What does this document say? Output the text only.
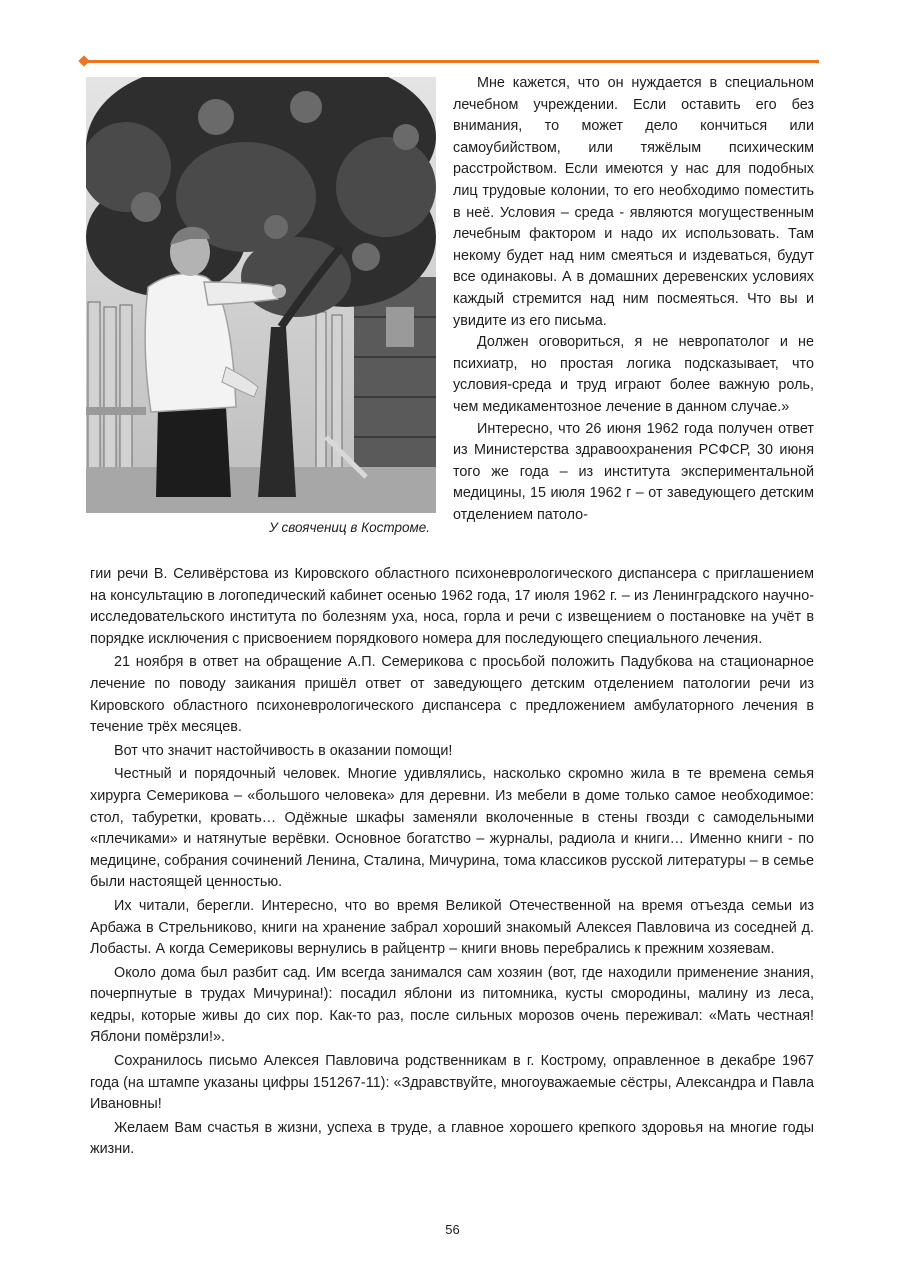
У своячениц в Костроме.

Мне кажется, что он нуждается в специальном лечебном учреждении. Если оставить его без внимания, то может дело кончиться или самоубийством, или тяжёлым психическим расстройством. Если имеются у нас для подобных лиц трудовые колонии, то его необходимо поместить в неё. Условия – среда - являются могущественным лечебным фактором и надо их использовать. Там некому будет над ним смеяться и издеваться, будут все одинаковы. А в домашних деревенских условиях каждый стремится над ним посмеяться. Что вы и увидите из его письма.

Должен оговориться, я не невропатолог и не психиатр, но простая логика подсказывает, что условия-среда и труд играют более важную роль, чем медикаментозное лечение в данном случае.»

Интересно, что 26 июня 1962 года получен ответ из Министерства здравоохранения РСФСР, 30 июня того же года – из института экспериментальной медицины, 15 июля 1962 г – от заведующего детским отделением патоло-

гии речи В. Селивёрстова из Кировского областного психоневрологического диспансера с приглашением на консультацию в логопедический кабинет осенью 1962 года, 17 июля 1962 г. – из Ленинградского научно-исследовательского института по болезням уха, носа, горла и речи с извещением о постановке на учёт в порядке исключения с присвоением порядкового номера для последующего специального лечения.

21 ноября в ответ на обращение А.П. Семерикова с просьбой положить Падубкова на стационарное лечение по поводу заикания пришёл ответ от заведующего детским отделением патологии речи из Кировского областного психоневрологического диспансера с предложением амбулаторного лечения в течение трёх месяцев.

Вот что значит настойчивость в оказании помощи!

Честный и порядочный человек. Многие удивлялись, насколько скромно жила в те времена семья хирурга Семерикова – «большого человека» для деревни. Из мебели в доме только самое необходимое: стол, табуретки, кровать… Одёжные шкафы заменяли вколоченные в стены гвозди с самодельными «плечиками» и натянутые верёвки. Основное богатство – журналы, радиола и книги… Именно книги - по медицине, собрания сочинений Ленина, Сталина, Мичурина, тома классиков русской литературы – в семье были настоящей ценностью.

Их читали, берегли. Интересно, что во время Великой Отечественной на время отъезда семьи из Арбажа в Стрельниково, книги на хранение забрал хороший знакомый Алексея Павловича из соседней д. Лобасты. А когда Семериковы вернулись в райцентр – книги вновь перебрались к прежним хозяевам.

Около дома был разбит сад. Им всегда занимался сам хозяин (вот, где находили применение знания, почерпнутые в трудах Мичурина!): посадил яблони из питомника, кусты смородины, малину из леса, кедры, которые живы до сих пор. Как-то раз, после сильных морозов очень переживал: «Мать честная! Яблони помёрзли!».

Сохранилось письмо Алексея Павловича родственникам в г. Кострому, оправленное в декабре 1967 года (на штампе указаны цифры 151267-11): «Здравствуйте, многоуважаемые сёстры, Александра и Павла Ивановны!

Желаем Вам счастья в жизни, успеха в труде, а главное хорошего крепкого здоровья на многие годы жизни.

56
